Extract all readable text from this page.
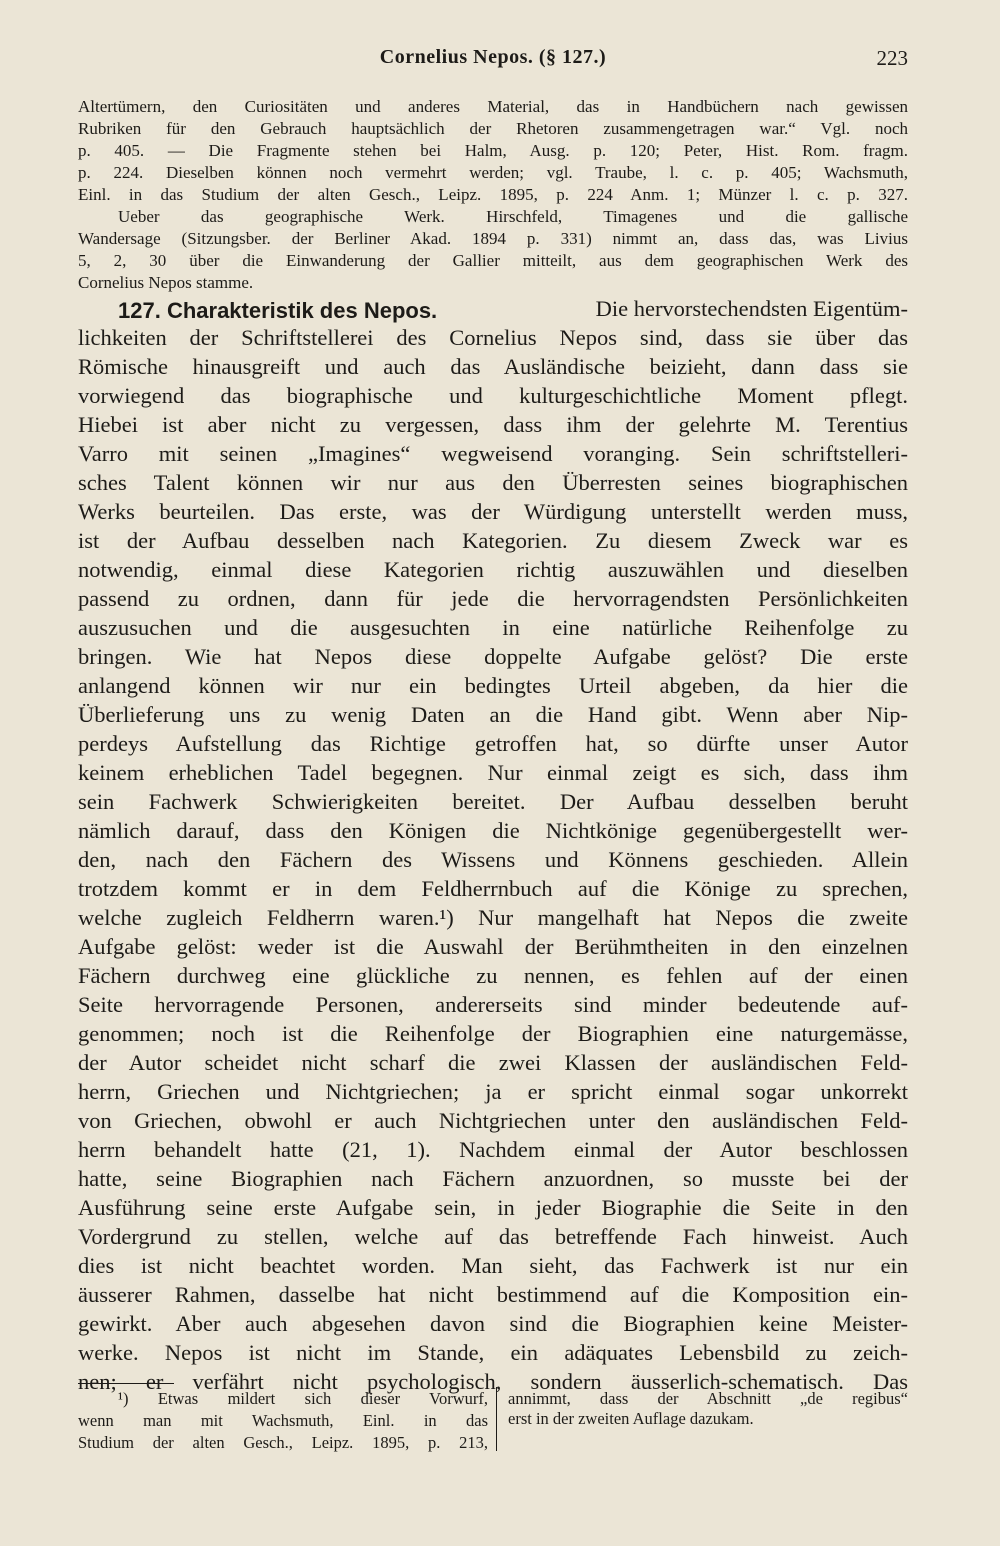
Cornelius Nepos. (§ 127.)	223
Altertümern, den Curiositäten und anderes Material, das in Handbüchern nach gewissen
Rubriken für den Gebrauch hauptsächlich der Rhetoren zusammengetragen war.“ Vgl. noch
p. 405. — Die Fragmente stehen bei Halm, Ausg. p. 120; Peter, Hist. Rom. fragm.
p. 224. Dieselben können noch vermehrt werden; vgl. Traube, l. c. p. 405; Wachsmuth,
Einl. in das Studium der alten Gesch., Leipz. 1895, p. 224 Anm. 1; Münzer l. c. p. 327.
Ueber das geographische Werk. Hirschfeld, Timagenes und die gallische
Wandersage (Sitzungsber. der Berliner Akad. 1894 p. 331) nimmt an, dass das, was Livius
5, 2, 30 über die Einwanderung der Gallier mitteilt, aus dem geographischen Werk des
Cornelius Nepos stamme.
127. Charakteristik des Nepos.	Die hervorstechendsten Eigentüm-
lichkeiten der Schriftstellerei des Cornelius Nepos sind, dass sie über das
Römische hinausgreift und auch das Ausländische beizieht, dann dass sie
vorwiegend das biographische und kulturgeschichtliche Moment pflegt.
Hiebei ist aber nicht zu vergessen, dass ihm der gelehrte M. Terentius
Varro mit seinen „Imagines“ wegweisend voranging. Sein schriftstelleri-
sches Talent können wir nur aus den Überresten seines biographischen
Werks beurteilen. Das erste, was der Würdigung unterstellt werden muss,
ist der Aufbau desselben nach Kategorien. Zu diesem Zweck war es
notwendig, einmal diese Kategorien richtig auszuwählen und dieselben
passend zu ordnen, dann für jede die hervorragendsten Persönlichkeiten
auszusuchen und die ausgesuchten in eine natürliche Reihenfolge zu
bringen. Wie hat Nepos diese doppelte Aufgabe gelöst? Die erste
anlangend können wir nur ein bedingtes Urteil abgeben, da hier die
Überlieferung uns zu wenig Daten an die Hand gibt. Wenn aber Nip-
perdeys Aufstellung das Richtige getroffen hat, so dürfte unser Autor
keinem erheblichen Tadel begegnen. Nur einmal zeigt es sich, dass ihm
sein Fachwerk Schwierigkeiten bereitet. Der Aufbau desselben beruht
nämlich darauf, dass den Königen die Nichtkönige gegenübergestellt wer-
den, nach den Fächern des Wissens und Könnens geschieden. Allein
trotzdem kommt er in dem Feldherrnbuch auf die Könige zu sprechen,
welche zugleich Feldherrn waren.¹) Nur mangelhaft hat Nepos die zweite
Aufgabe gelöst: weder ist die Auswahl der Berühmtheiten in den einzelnen
Fächern durchweg eine glückliche zu nennen, es fehlen auf der einen
Seite hervorragende Personen, andererseits sind minder bedeutende auf-
genommen; noch ist die Reihenfolge der Biographien eine naturgemässe,
der Autor scheidet nicht scharf die zwei Klassen der ausländischen Feld-
herrn, Griechen und Nichtgriechen; ja er spricht einmal sogar unkorrekt
von Griechen, obwohl er auch Nichtgriechen unter den ausländischen Feld-
herrn behandelt hatte (21, 1). Nachdem einmal der Autor beschlossen
hatte, seine Biographien nach Fächern anzuordnen, so musste bei der
Ausführung seine erste Aufgabe sein, in jeder Biographie die Seite in den
Vordergrund zu stellen, welche auf das betreffende Fach hinweist. Auch
dies ist nicht beachtet worden. Man sieht, das Fachwerk ist nur ein
äusserer Rahmen, dasselbe hat nicht bestimmend auf die Komposition ein-
gewirkt. Aber auch abgesehen davon sind die Biographien keine Meister-
werke. Nepos ist nicht im Stande, ein adäquates Lebensbild zu zeich-
nen; er verfährt nicht psychologisch, sondern äusserlich-schematisch. Das
¹) Etwas mildert sich dieser Vorwurf,
wenn man mit Wachsmuth, Einl. in das
Studium der alten Gesch., Leipz. 1895, p. 213,
annimmt, dass der Abschnitt „de regibus“
erst in der zweiten Auflage dazukam.
